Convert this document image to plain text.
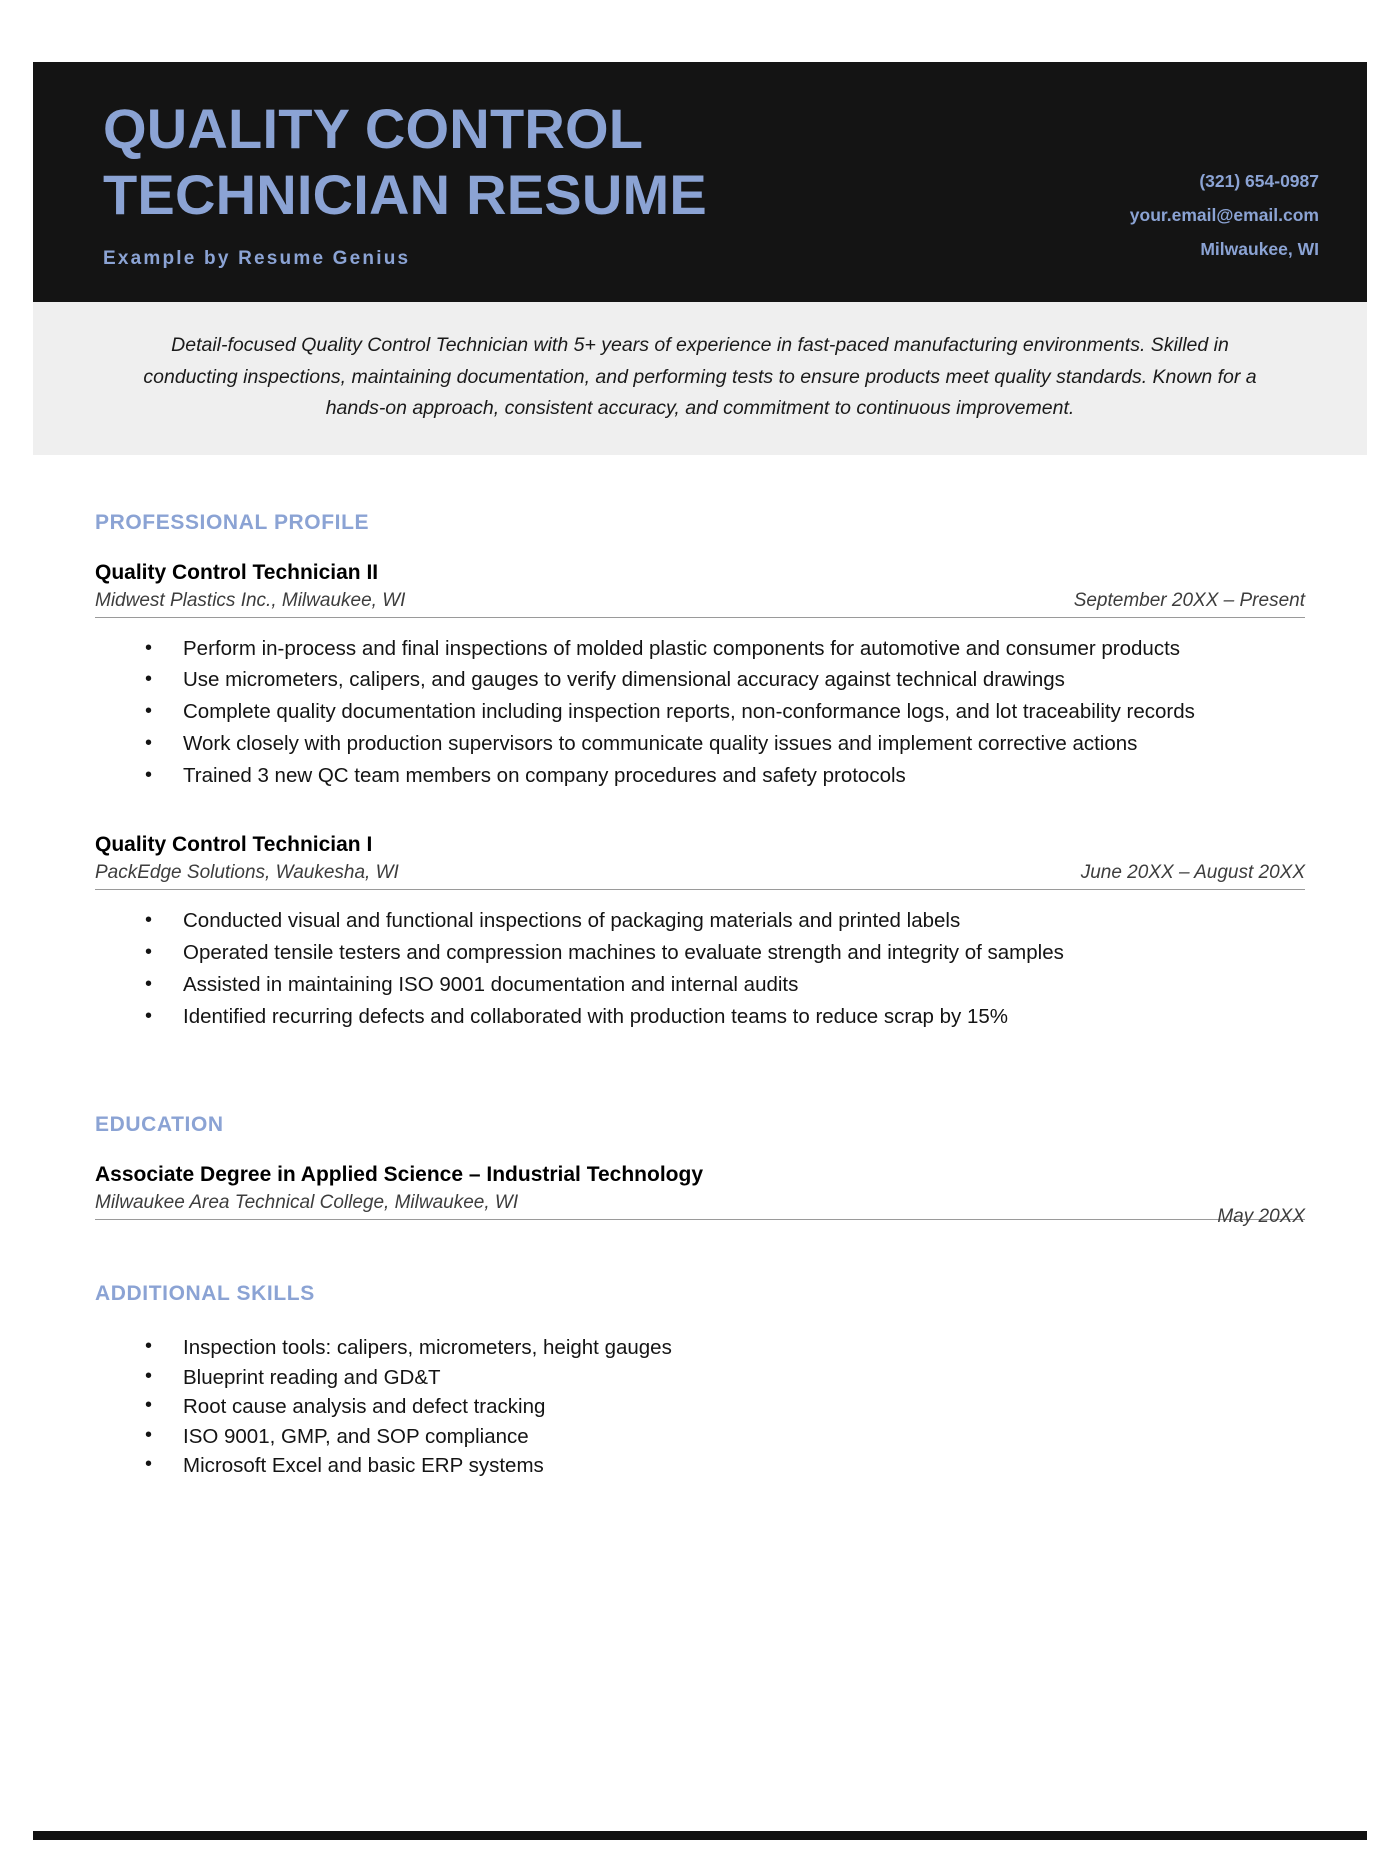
QUALITY CONTROL TECHNICIAN RESUME
Example by Resume Genius
(321) 654-0987
your.email@email.com
Milwaukee, WI

Detail-focused Quality Control Technician with 5+ years of experience in fast-paced manufacturing environments. Skilled in conducting inspections, maintaining documentation, and performing tests to ensure products meet quality standards. Known for a hands-on approach, consistent accuracy, and commitment to continuous improvement.

PROFESSIONAL PROFILE
Quality Control Technician II
Midwest Plastics Inc., Milwaukee, WI	September 20XX – Present
• Perform in-process and final inspections of molded plastic components for automotive and consumer products
• Use micrometers, calipers, and gauges to verify dimensional accuracy against technical drawings
• Complete quality documentation including inspection reports, non-conformance logs, and lot traceability records
• Work closely with production supervisors to communicate quality issues and implement corrective actions
• Trained 3 new QC team members on company procedures and safety protocols
Quality Control Technician I
PackEdge Solutions, Waukesha, WI	June 20XX – August 20XX
• Conducted visual and functional inspections of packaging materials and printed labels
• Operated tensile testers and compression machines to evaluate strength and integrity of samples
• Assisted in maintaining ISO 9001 documentation and internal audits
• Identified recurring defects and collaborated with production teams to reduce scrap by 15%
EDUCATION
Associate Degree in Applied Science – Industrial Technology
Milwaukee Area Technical College, Milwaukee, WI
May 20XX
ADDITIONAL SKILLS
• Inspection tools: calipers, micrometers, height gauges
• Blueprint reading and GD&T
• Root cause analysis and defect tracking
• ISO 9001, GMP, and SOP compliance
• Microsoft Excel and basic ERP systems
